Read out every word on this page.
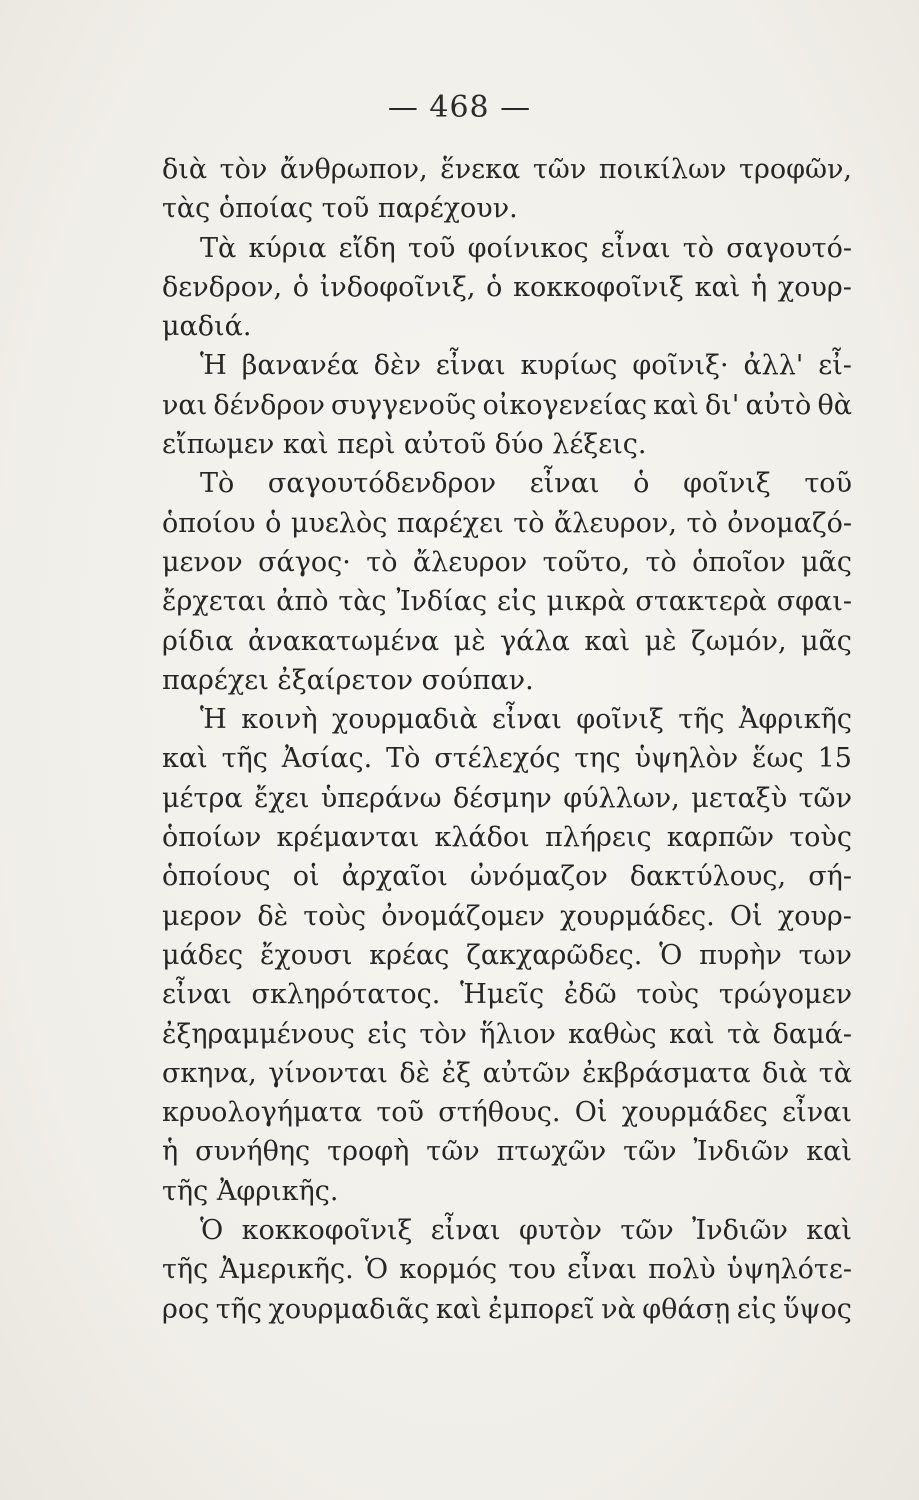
— 468 —
διὰ τὸν ἄνθρωπον, ἕνεκα τῶν ποικίλων τροφῶν,
τὰς ὁποίας τοῦ παρέχουν.
Τὰ κύρια εἴδη τοῦ φοίνικος εἶναι τὸ σαγουτό-
δενδρον, ὁ ἰνδοφοῖνιξ, ὁ κοκκοφοῖνιξ καὶ ἡ χουρ-
μαδιά.
Ἡ βανανέα δὲν εἶναι κυρίως φοῖνιξ· ἀλλ' εἶ-
ναι δένδρον συγγενοῦς οἰκογενείας καὶ δι' αὐτὸ θὰ
εἴπωμεν καὶ περὶ αὐτοῦ δύο λέξεις.
Τὸ σαγουτόδενδρον εἶναι ὁ φοῖνιξ τοῦ
ὁποίου ὁ μυελὸς παρέχει τὸ ἄλευρον, τὸ ὀνομαζό-
μενον σάγος· τὸ ἄλευρον τοῦτο, τὸ ὁποῖον μᾶς
ἔρχεται ἀπὸ τὰς Ἰνδίας εἰς μικρὰ στακτερὰ σφαι-
ρίδια ἀνακατωμένα μὲ γάλα καὶ μὲ ζωμόν, μᾶς
παρέχει ἐξαίρετον σούπαν.
Ἡ κοινὴ χουρμαδιὰ εἶναι φοῖνιξ τῆς Ἀφρικῆς
καὶ τῆς Ἀσίας. Τὸ στέλεχός της ὑψηλὸν ἕως 15
μέτρα ἔχει ὑπεράνω δέσμην φύλλων, μεταξὺ τῶν
ὁποίων κρέμανται κλάδοι πλήρεις καρπῶν τοὺς
ὁποίους οἱ ἀρχαῖοι ὠνόμαζον δακτύλους, σή-
μερον δὲ τοὺς ὀνομάζομεν χουρμάδες. Οἱ χουρ-
μάδες ἔχουσι κρέας ζακχαρῶδες. Ὁ πυρὴν των
εἶναι σκληρότατος. Ἡμεῖς ἐδῶ τοὺς τρώγομεν
ἐξηραμμένους εἰς τὸν ἥλιον καθὼς καὶ τὰ δαμά-
σκηνα, γίνονται δὲ ἐξ αὐτῶν ἐκβράσματα διὰ τὰ
κρυολογήματα τοῦ στήθους. Οἱ χουρμάδες εἶναι
ἡ συνήθης τροφὴ τῶν πτωχῶν τῶν Ἰνδιῶν καὶ
τῆς Ἀφρικῆς.
Ὁ κοκκοφοῖνιξ εἶναι φυτὸν τῶν Ἰνδιῶν καὶ
τῆς Ἀμερικῆς. Ὁ κορμός του εἶναι πολὺ ὑψηλότε-
ρος τῆς χουρμαδιᾶς καὶ ἐμπορεῖ νὰ φθάσῃ εἰς ὕψος
